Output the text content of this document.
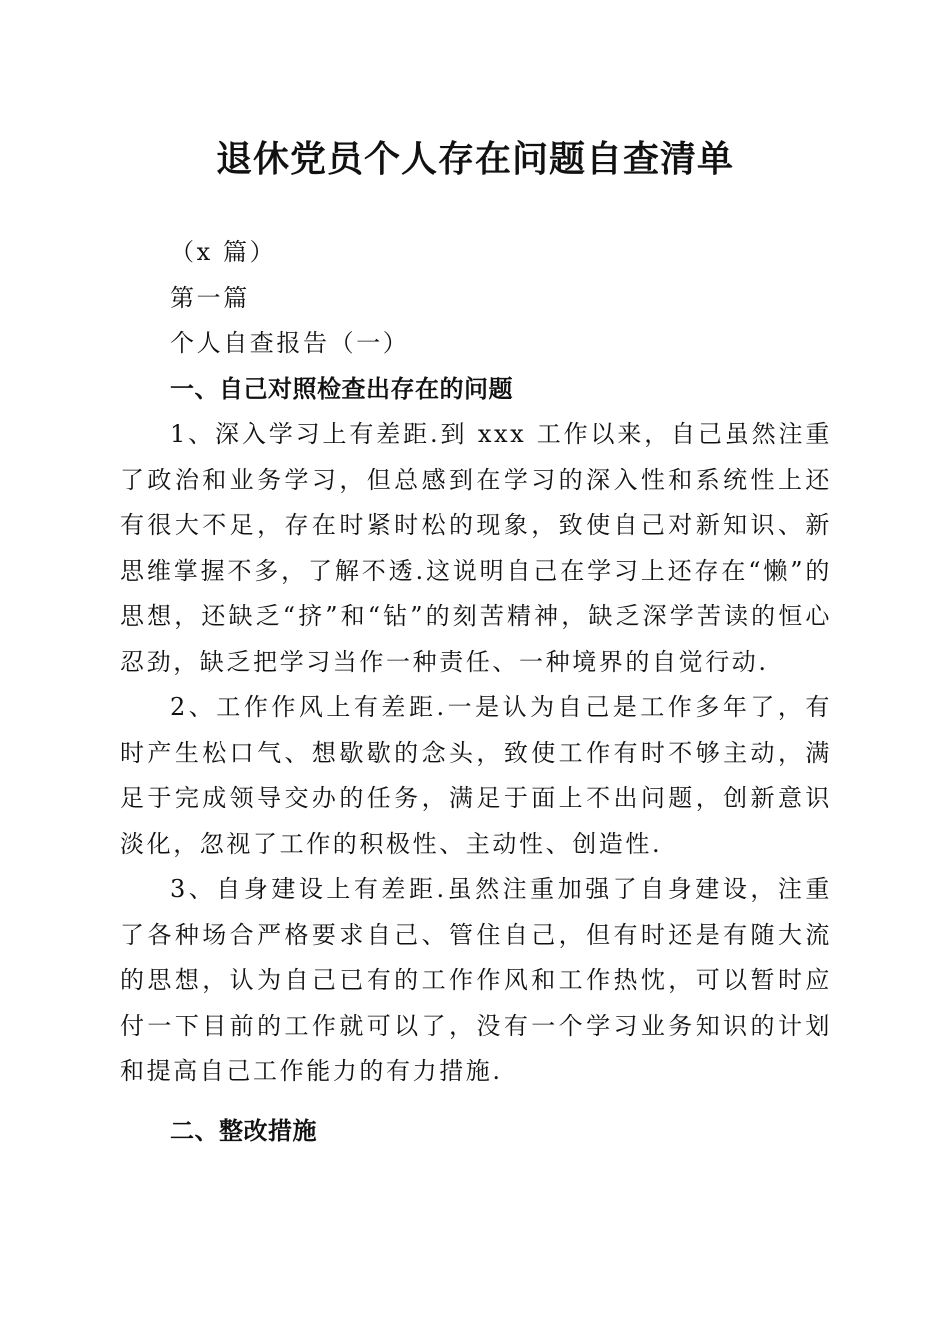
退休党员个人存在问题自查清单

（x 篇）

第一篇

个人自查报告（一）

一、自己对照检查出存在的问题

1、深入学习上有差距.到 xxx 工作以来，自己虽然注重了政治和业务学习，但总感到在学习的深入性和系统性上还有很大不足，存在时紧时松的现象，致使自己对新知识、新思维掌握不多，了解不透.这说明自己在学习上还存在“懒”的思想，还缺乏“挤”和“钻”的刻苦精神，缺乏深学苦读的恒心忍劲，缺乏把学习当作一种责任、一种境界的自觉行动.

2、工作作风上有差距.一是认为自己是工作多年了，有时产生松口气、想歇歇的念头，致使工作有时不够主动，满足于完成领导交办的任务，满足于面上不出问题，创新意识淡化，忽视了工作的积极性、主动性、创造性.

3、自身建设上有差距.虽然注重加强了自身建设，注重了各种场合严格要求自己、管住自己，但有时还是有随大流的思想，认为自己已有的工作作风和工作热忱，可以暂时应付一下目前的工作就可以了，没有一个学习业务知识的计划和提高自己工作能力的有力措施.

二、整改措施
